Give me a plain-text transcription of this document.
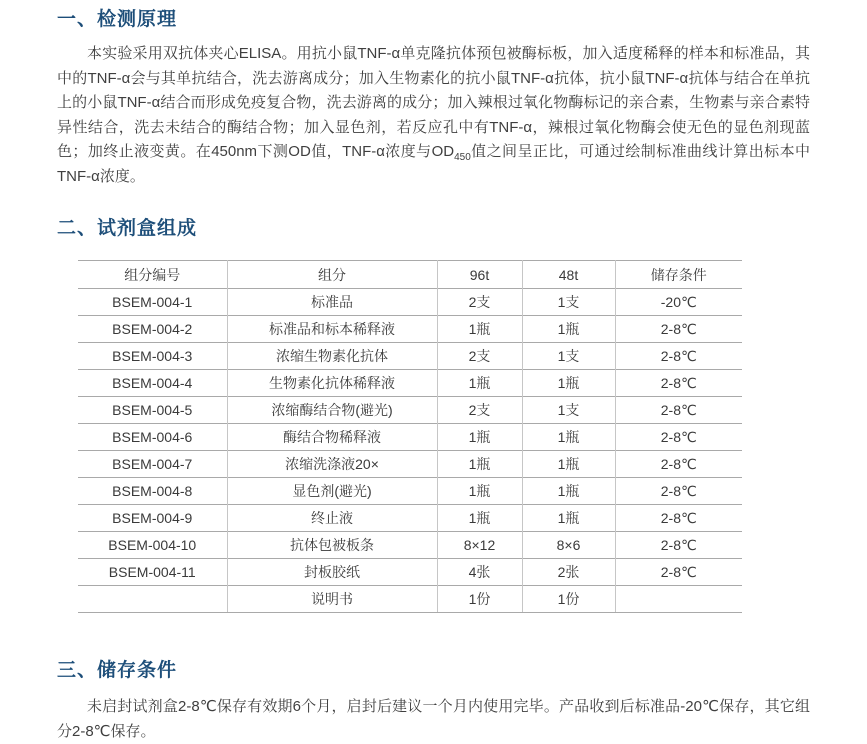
一、检测原理

本实验采用双抗体夹心ELISA。用抗小鼠TNF-α单克隆抗体预包被酶标板，加入适度稀释的样本和标准品，其中的TNF-α会与其单抗结合，洗去游离成分；加入生物素化的抗小鼠TNF-α抗体，抗小鼠TNF-α抗体与结合在单抗上的小鼠TNF-α结合而形成免疫复合物，洗去游离的成分；加入辣根过氧化物酶标记的亲合素，生物素与亲合素特异性结合，洗去未结合的酶结合物；加入显色剂，若反应孔中有TNF-α，辣根过氧化物酶会使无色的显色剂现蓝色；加终止液变黄。在450nm下测OD值，TNF-α浓度与$OD_{450}$值之间呈正比，可通过绘制标准曲线计算出标本中TNF-α浓度。

二、试剂盒组成
组分编号	组分	96t	48t	储存条件
BSEM-004-1	标准品	2支	1支	-20℃
BSEM-004-2	标准品和标本稀释液	1瓶	1瓶	2-8℃
BSEM-004-3	浓缩生物素化抗体	2支	1支	2-8℃
BSEM-004-4	生物素化抗体稀释液	1瓶	1瓶	2-8℃
BSEM-004-5	浓缩酶结合物(避光)	2支	1支	2-8℃
BSEM-004-6	酶结合物稀释液	1瓶	1瓶	2-8℃
BSEM-004-7	浓缩洗涤液20×	1瓶	1瓶	2-8℃
BSEM-004-8	显色剂(避光)	1瓶	1瓶	2-8℃
BSEM-004-9	终止液	1瓶	1瓶	2-8℃
BSEM-004-10	抗体包被板条	8×12	8×6	2-8℃
BSEM-004-11	封板胶纸	4张	2张	2-8℃
	说明书	1份	1份	
三、储存条件

未启封试剂盒2-8℃保存有效期6个月，启封后建议一个月内使用完毕。产品收到后标准品-20℃保存，其它组分2-8℃保存。
